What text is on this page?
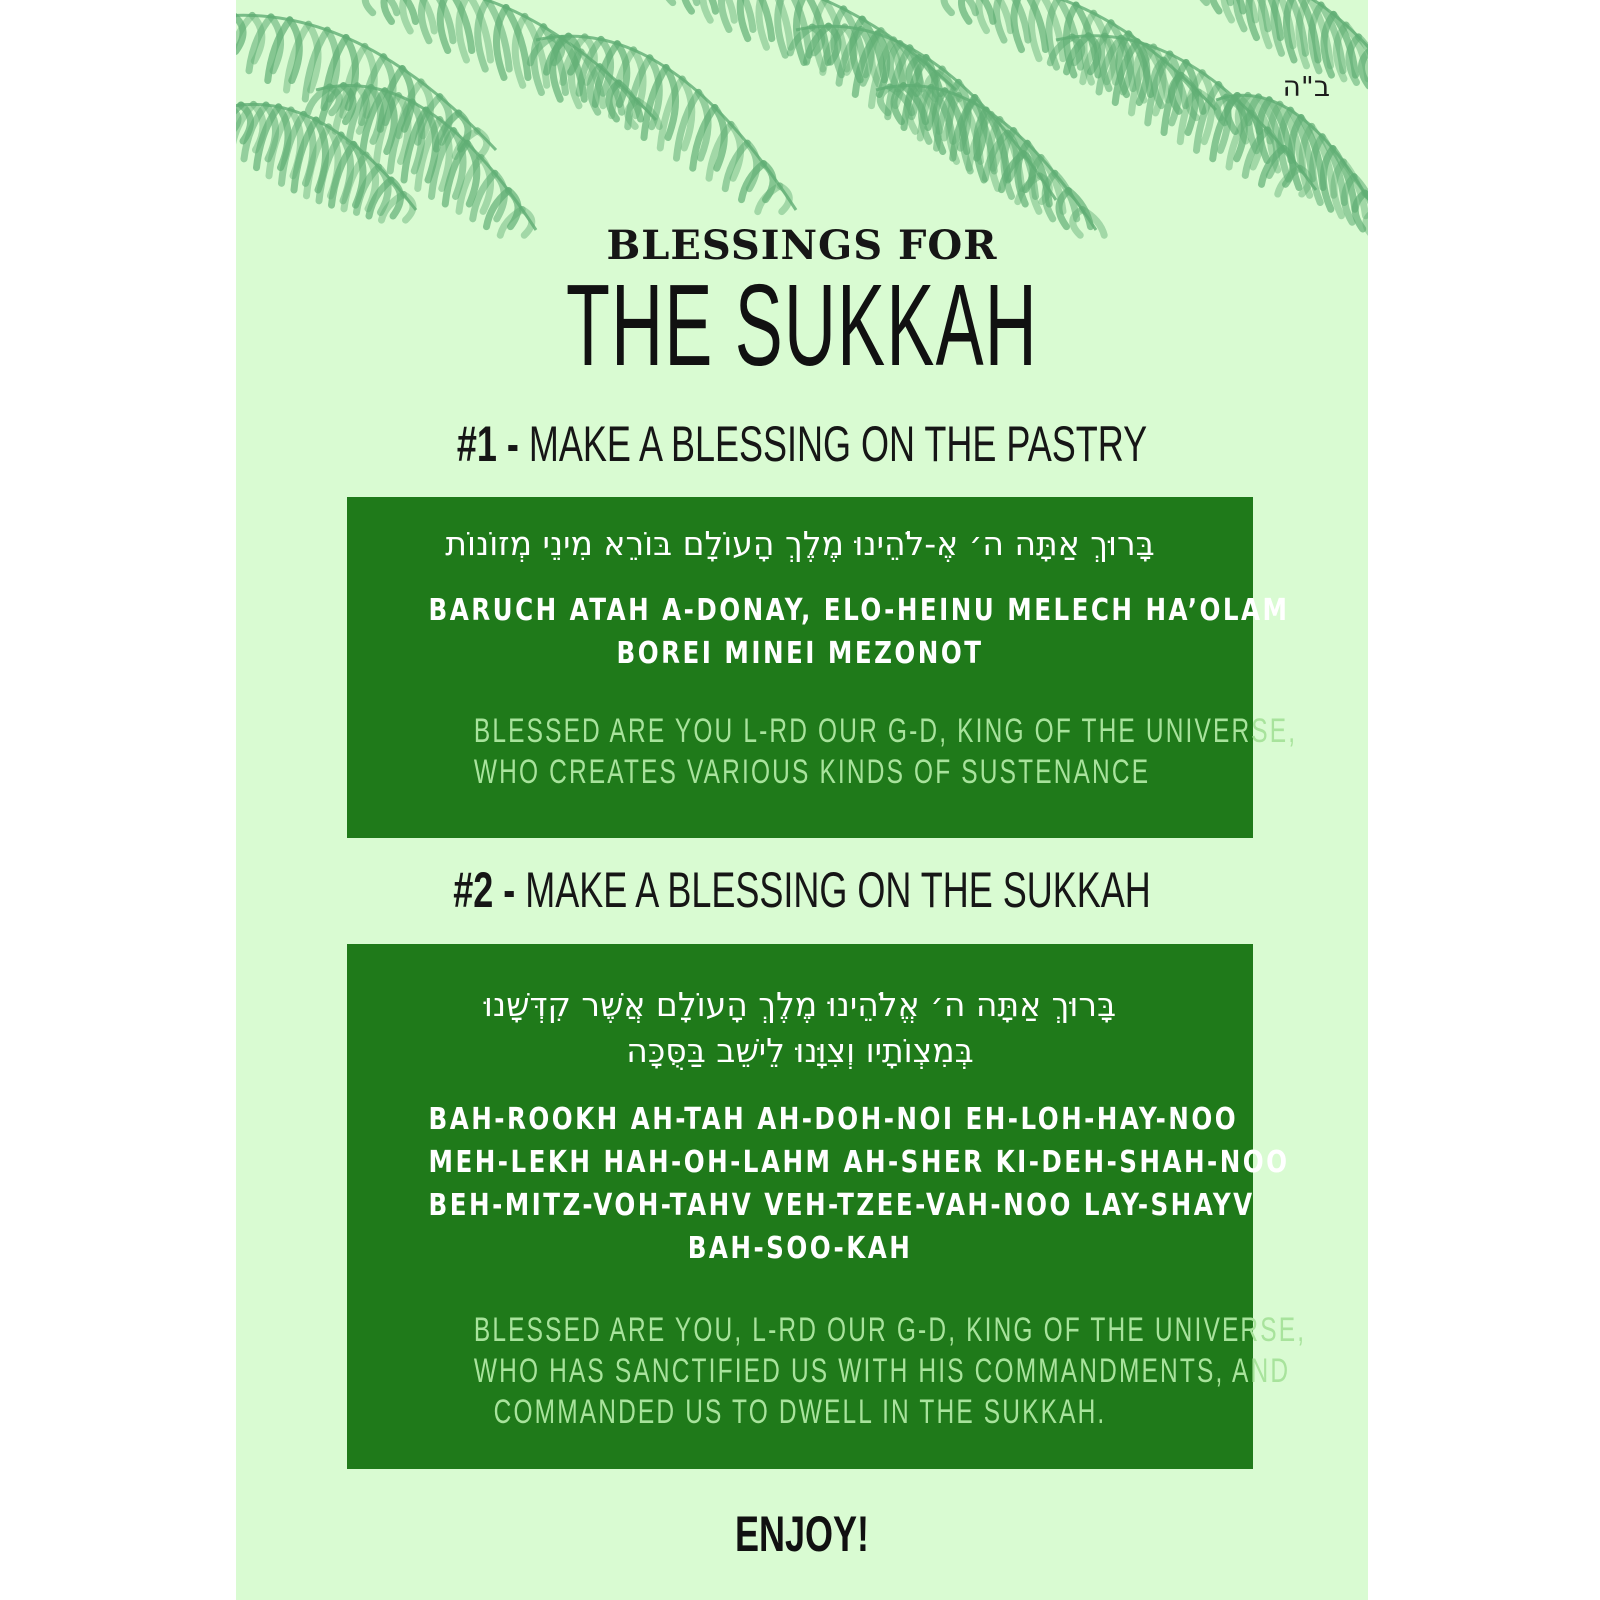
ב"ה
BLESSINGS FOR
THE SUKKAH
#1 - MAKE A BLESSING ON THE PASTRY
בָּרוּךְ אַתָּה ה׳ אֶ-לֹהֵינוּ מֶלֶךְ הָעוֹלָם בּוֹרֵא מִינֵי מְזוֹנוֹת
BARUCH ATAH A-DONAY, ELO-HEINU MELECH HA’OLAM
BOREI MINEI MEZONOT
BLESSED ARE YOU L-RD OUR G-D, KING OF THE UNIVERSE,
WHO CREATES VARIOUS KINDS OF SUSTENANCE
#2 - MAKE A BLESSING ON THE SUKKAH
בָּרוּךְ אַתָּה ה׳ אֱלֹהֵינוּ מֶלֶךְ הָעוֹלָם אֲשֶׁר קִדְּשָׁנוּ
בְּמִצְוֹתָיו וְצִוָּנוּ לֵישֵׁב בַּסֻּכָּה
BAH-ROOKH AH-TAH AH-DOH-NOI EH-LOH-HAY-NOO
MEH-LEKH HAH-OH-LAHM AH-SHER KI-DEH-SHAH-NOO
BEH-MITZ-VOH-TAHV VEH-TZEE-VAH-NOO LAY-SHAYV
BAH-SOO-KAH
BLESSED ARE YOU, L-RD OUR G-D, KING OF THE UNIVERSE,
WHO HAS SANCTIFIED US WITH HIS COMMANDMENTS, AND
COMMANDED US TO DWELL IN THE SUKKAH.
ENJOY!
